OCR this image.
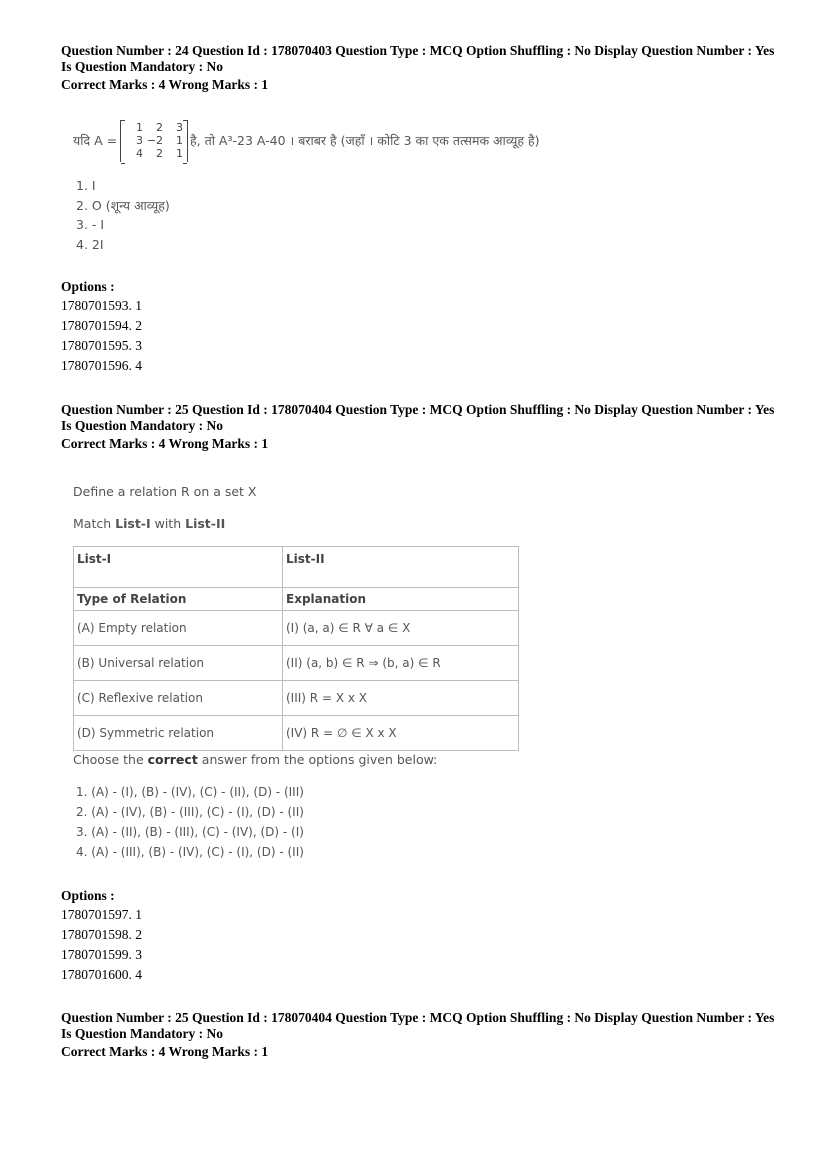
Question Number : 24 Question Id : 178070403 Question Type : MCQ Option Shuffling : No Display Question Number : Yes
Is Question Mandatory : No
Correct Marks : 4 Wrong Marks : 1
यदि A =
1	2	3
3 −2	1
4	2	1
है, तो A³-23 A-40 । बराबर है (जहाँ । कोटि 3 का एक तत्समक आव्यूह है)
1. I
2. O (शून्य आव्यूह)
3. - I
4. 2I
Options :
1780701593. 1
1780701594. 2
1780701595. 3
1780701596. 4
Question Number : 25 Question Id : 178070404 Question Type : MCQ Option Shuffling : No Display Question Number : Yes
Is Question Mandatory : No
Correct Marks : 4 Wrong Marks : 1
Define a relation R on a set X
Match List-I with List-II
List-I	List-II
Type of Relation	Explanation
(A) Empty relation	(I) (a, a) ∈ R ∀ a ∈ X
(B) Universal relation	(II) (a, b) ∈ R ⇒ (b, a) ∈ R
(C) Reflexive relation	(III) R = X x X
(D) Symmetric relation	(IV) R = ∅ ∈ X x X
Choose the correct answer from the options given below:
1. (A) - (I), (B) - (IV), (C) - (II), (D) - (III)
2. (A) - (IV), (B) - (III), (C) - (I), (D) - (II)
3. (A) - (II), (B) - (III), (C) - (IV), (D) - (I)
4. (A) - (III), (B) - (IV), (C) - (I), (D) - (II)
Options :
1780701597. 1
1780701598. 2
1780701599. 3
1780701600. 4
Question Number : 25 Question Id : 178070404 Question Type : MCQ Option Shuffling : No Display Question Number : Yes
Is Question Mandatory : No
Correct Marks : 4 Wrong Marks : 1
